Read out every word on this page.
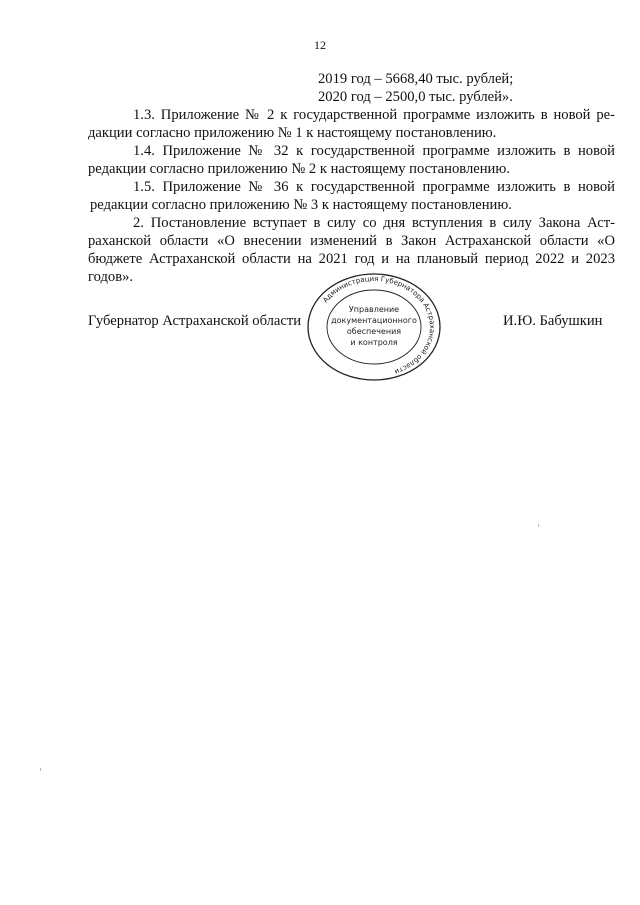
12
2019 год – 5668,40 тыс. рублей;
2020 год – 2500,0 тыс. рублей».
1.3. Приложение № 2 к государственной программе изложить в новой ре-
дакции согласно приложению № 1 к настоящему постановлению.
1.4. Приложение № 32 к государственной программе изложить в новой
редакции согласно приложению № 2 к настоящему постановлению.
1.5. Приложение № 36 к государственной программе изложить в новой
редакции согласно приложению № 3 к настоящему постановлению.
2. Постановление вступает в силу со дня вступления в силу Закона Аст-
раханской области «О внесении изменений в Закон Астраханской области «О
бюджете Астраханской области на 2021 год и на плановый период 2022 и 2023
годов».
Губернатор Астраханской области	И.Ю. Бабушкин
Администрация Губернатора Астраханской области
Управление
документационного
обеспечения
и контроля
